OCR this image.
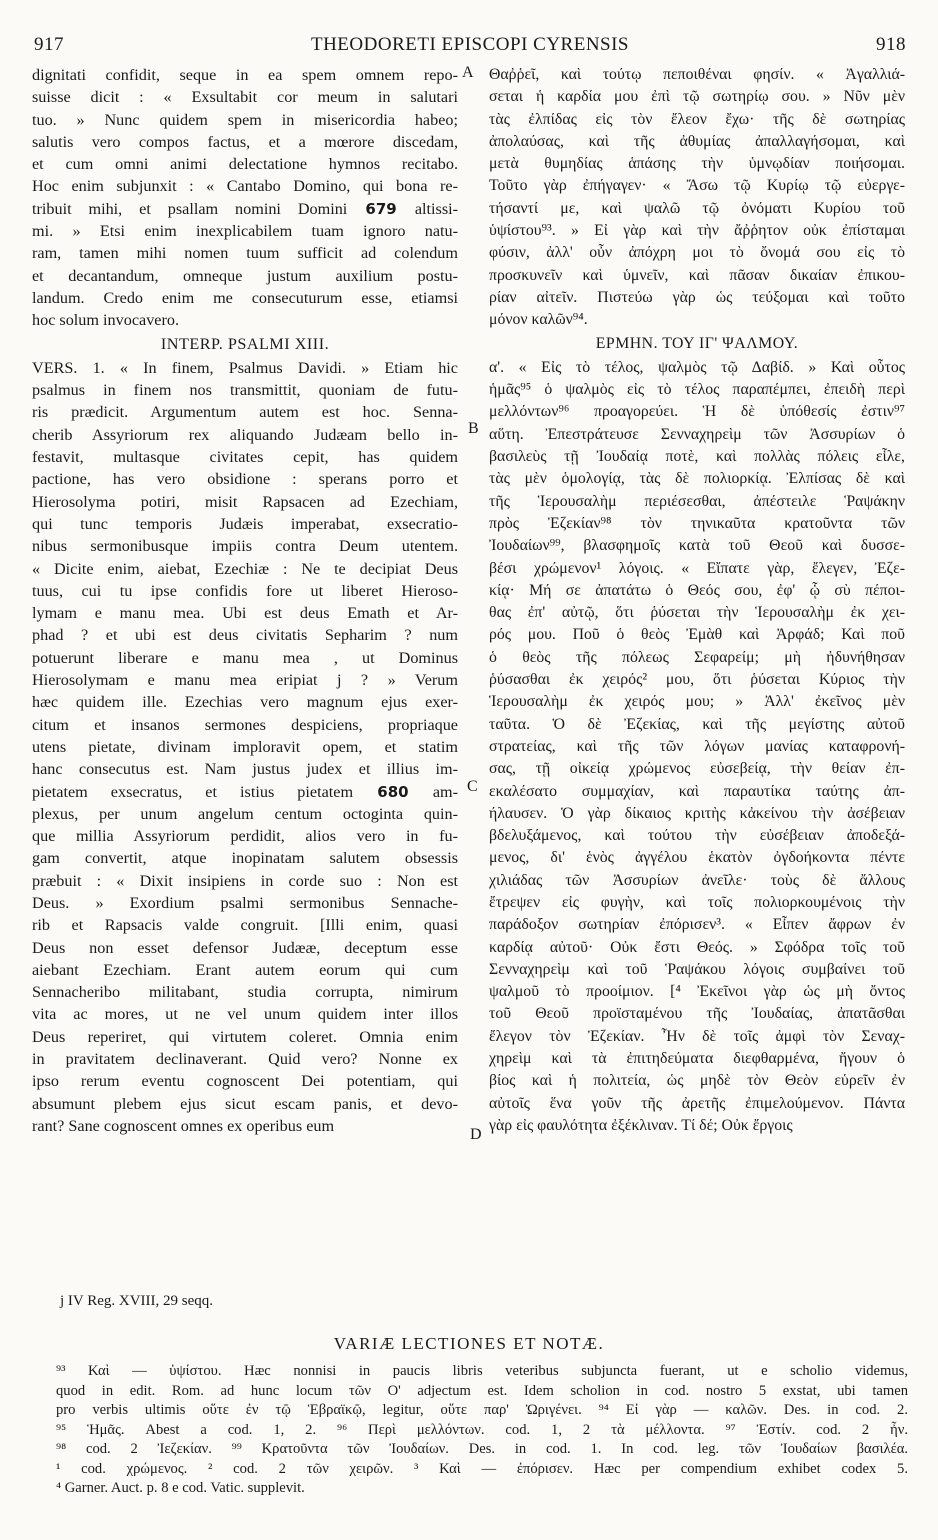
917	THEODORETI EPISCOPI CYRENSIS	918

dignitati confidit, seque in ea spem omnem repo-

suisse dicit : « Exsultabit cor meum in salutari

tuo. » Nunc quidem spem in misericordia habeo;

salutis vero compos factus, et a mœrore discedam,

et cum omni animi delectatione hymnos recitabo.

Hoc enim subjunxit : « Cantabo Domino, qui bona re-

tribuit mihi, et psallam nomini Domini 679 altissi-

mi. » Etsi enim inexplicabilem tuam ignoro natu-

ram, tamen mihi nomen tuum sufficit ad colendum

et decantandum, omneque justum auxilium postu-

landum. Credo enim me consecuturum esse, etiamsi

hoc solum invocavero.

INTERP. PSALMI XIII.

VERS. 1. « In finem, Psalmus Davidi. » Etiam hic

psalmus in finem nos transmittit, quoniam de futu-

ris prædicit. Argumentum autem est hoc. Senna-

cherib Assyriorum rex aliquando Judæam bello in-

festavit, multasque civitates cepit, has quidem

pactione, has vero obsidione : sperans porro et

Hierosolyma potiri, misit Rapsacen ad Ezechiam,

qui tunc temporis Judæis imperabat, exsecratio-

nibus sermonibusque impiis contra Deum utentem.

« Dicite enim, aiebat, Ezechiæ : Ne te decipiat Deus

tuus, cui tu ipse confidis fore ut liberet Hieroso-

lymam e manu mea. Ubi est deus Emath et Ar-

phad ? et ubi est deus civitatis Sepharim ? num

potuerunt liberare e manu mea , ut Dominus

Hierosolymam e manu mea eripiat j ? » Verum

hæc quidem ille. Ezechias vero magnum ejus exer-

citum et insanos sermones despiciens, propriaque

utens pietate, divinam imploravit opem, et statim

hanc consecutus est. Nam justus judex et illius im-

pietatem exsecratus, et istius pietatem 680 am-

plexus, per unum angelum centum octoginta quin-

que millia Assyriorum perdidit, alios vero in fu-

gam convertit, atque inopinatam salutem obsessis

præbuit : « Dixit insipiens in corde suo : Non est

Deus. » Exordium psalmi sermonibus Sennache-

rib et Rapsacis valde congruit. [Illi enim, quasi

Deus non esset defensor Judææ, deceptum esse

aiebant Ezechiam. Erant autem eorum qui cum

Sennacheribo militabant, studia corrupta, nimirum

vita ac mores, ut ne vel unum quidem inter illos

Deus reperiret, qui virtutem coleret. Omnia enim

in pravitatem declinaverant. Quid vero? Nonne ex

ipso rerum eventu cognoscent Dei potentiam, qui

absumunt plebem ejus sicut escam panis, et devo-

rant? Sane cognoscent omnes ex operibus eum

Θαῤῥεῖ, καὶ τούτῳ πεποιθέναι φησίν. « Ἀγαλλιά-

σεται ἡ καρδία μου ἐπὶ τῷ σωτηρίῳ σου. » Νῦν μὲν

τὰς ἐλπίδας εἰς τὸν ἔλεον ἔχω· τῆς δὲ σωτηρίας

ἀπολαύσας, καὶ τῆς ἀθυμίας ἀπαλλαγήσομαι, καὶ

μετὰ θυμηδίας ἁπάσης τὴν ὑμνῳδίαν ποιήσομαι.

Τοῦτο γὰρ ἐπήγαγεν· « Ἄσω τῷ Κυρίῳ τῷ εὐεργε-

τήσαντί με, καὶ ψαλῶ τῷ ὀνόματι Κυρίου τοῦ

ὑψίστου⁹³. » Εἰ γὰρ καὶ τὴν ἄῤῥητον οὐκ ἐπίσταμαι

φύσιν, ἀλλ' οὖν ἀπόχρη μοι τὸ ὄνομά σου εἰς τὸ

προσκυνεῖν καὶ ὑμνεῖν, καὶ πᾶσαν δικαίαν ἐπικου-

ρίαν αἰτεῖν. Πιστεύω γὰρ ὡς τεύξομαι καὶ τοῦτο

μόνον καλῶν⁹⁴.

ΕΡΜΗΝ. ΤΟΥ ΙΓ' ΨΑΛΜΟΥ.

α'. « Εἰς τὸ τέλος, ψαλμὸς τῷ Δαβίδ. » Καὶ οὗτος

ἡμᾶς⁹⁵ ὁ ψαλμὸς εἰς τὸ τέλος παραπέμπει, ἐπειδὴ περὶ

μελλόντων⁹⁶ προαγορεύει. Ἡ δὲ ὑπόθεσίς ἐστιν⁹⁷

αὕτη. Ἐπεστράτευσε Σενναχηρεὶμ τῶν Ἀσσυρίων ὁ

βασιλεὺς τῇ Ἰουδαίᾳ ποτὲ, καὶ πολλὰς πόλεις εἷλε,

τὰς μὲν ὁμολογίᾳ, τὰς δὲ πολιορκίᾳ. Ἐλπίσας δὲ καὶ

τῆς Ἱερουσαλὴμ περιέσεσθαι, ἀπέστειλε Ῥαψάκην

πρὸς Ἐζεκίαν⁹⁸ τὸν τηνικαῦτα κρατοῦντα τῶν

Ἰουδαίων⁹⁹, βλασφημοῖς κατὰ τοῦ Θεοῦ καὶ δυσσε-

βέσι χρώμενον¹ λόγοις. « Εἴπατε γὰρ, ἔλεγεν, Ἐζε-

κίᾳ· Μή σε ἀπατάτω ὁ Θεός σου, ἐφ' ᾧ σὺ πέποι-

θας ἐπ' αὐτῷ, ὅτι ῥύσεται τὴν Ἱερουσαλὴμ ἐκ χει-

ρός μου. Ποῦ ὁ θεὸς Ἐμὰθ καὶ Ἀρφάδ; Καὶ ποῦ

ὁ θεὸς τῆς πόλεως Σεφαρείμ; μὴ ἠδυνήθησαν

ῥύσασθαι ἐκ χειρός² μου, ὅτι ῥύσεται Κύριος τὴν

Ἱερουσαλὴμ ἐκ χειρός μου; » Ἀλλ' ἐκεῖνος μὲν

ταῦτα. Ὁ δὲ Ἐζεκίας, καὶ τῆς μεγίστης αὐτοῦ

στρατείας, καὶ τῆς τῶν λόγων μανίας καταφρονή-

σας, τῇ οἰκείᾳ χρώμενος εὐσεβείᾳ, τὴν θείαν ἐπ-

εκαλέσατο συμμαχίαν, καὶ παραυτίκα ταύτης ἀπ-

ήλαυσεν. Ὁ γὰρ δίκαιος κριτὴς κἀκείνου τὴν ἀσέβειαν

βδελυξάμενος, καὶ τούτου τὴν εὐσέβειαν ἀποδεξά-

μενος, δι' ἑνὸς ἀγγέλου ἑκατὸν ὀγδοήκοντα πέντε

χιλιάδας τῶν Ἀσσυρίων ἀνεῖλε· τοὺς δὲ ἄλλους

ἔτρεψεν εἰς φυγὴν, καὶ τοῖς πολιορκουμένοις τὴν

παράδοξον σωτηρίαν ἐπόρισεν³. « Εἶπεν ἄφρων ἐν

καρδίᾳ αὐτοῦ· Οὐκ ἔστι Θεός. » Σφόδρα τοῖς τοῦ

Σενναχηρεὶμ καὶ τοῦ Ῥαψάκου λόγοις συμβαίνει τοῦ

ψαλμοῦ τὸ προοίμιον. [⁴ Ἐκεῖνοι γὰρ ὡς μὴ ὄντος

τοῦ Θεοῦ προϊσταμένου τῆς Ἰουδαίας, ἀπατᾶσθαι

ἔλεγον τὸν Ἐζεκίαν. Ἦν δὲ τοῖς ἀμφὶ τὸν Σεναχ-

χηρεὶμ καὶ τὰ ἐπιτηδεύματα διεφθαρμένα, ἤγουν ὁ

βίος καὶ ἡ πολιτεία, ὡς μηδὲ τὸν Θεὸν εὑρεῖν ἐν

αὐτοῖς ἕνα γοῦν τῆς ἀρετῆς ἐπιμελούμενον. Πάντα

γὰρ εἰς φαυλότητα ἐξέκλιναν. Τί δέ; Οὐκ ἔργοις

A
B
C
D
j IV Reg. XVIII, 29 seqq.
VARIÆ LECTIONES ET NOTÆ.

⁹³ Καὶ — ὑψίστου. Hæc nonnisi in paucis libris veteribus subjuncta fuerant, ut e scholio videmus,

quod in edit. Rom. ad hunc locum τῶν Ο' adjectum est. Idem scholion in cod. nostro 5 exstat, ubi tamen

pro verbis ultimis οὕτε ἐν τῷ Ἑβραϊκῷ, legitur, οὕτε παρ' Ὠριγένει. ⁹⁴ Εἰ γὰρ — καλῶν. Des. in cod. 2.

⁹⁵ Ἡμᾶς. Abest a cod. 1, 2. ⁹⁶ Περὶ μελλόντων. cod. 1, 2 τὰ μέλλοντα. ⁹⁷ Ἐστίν. cod. 2 ἦν.

⁹⁸ cod. 2 Ἰεζεκίαν. ⁹⁹ Κρατοῦντα τῶν Ἰουδαίων. Des. in cod. 1. In cod. leg. τῶν Ἰουδαίων βασιλέα.

¹ cod. χρώμενος. ² cod. 2 τῶν χειρῶν. ³ Καὶ — ἐπόρισεν. Hæc per compendium exhibet codex 5.

⁴ Garner. Auct. p. 8 e cod. Vatic. supplevit.
